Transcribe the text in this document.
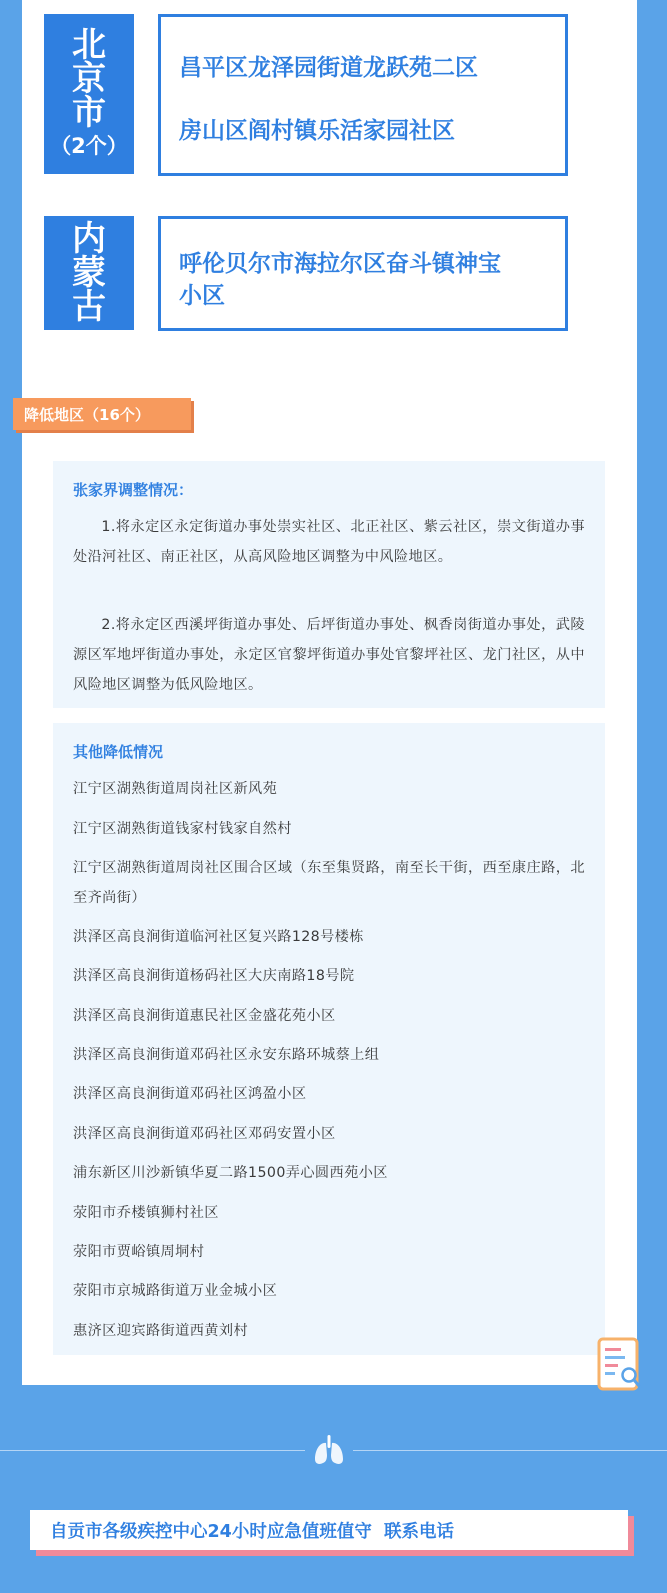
北
京
市
（2个）
昌平区龙泽园街道龙跃苑二区
房山区阎村镇乐活家园社区
内
蒙
古
呼伦贝尔市海拉尔区奋斗镇神宝
小区
降低地区（16个）
张家界调整情况：
1.将永定区永定街道办事处崇实社区、北正社区、紫云社区，崇文街道办事处沿河社区、南正社区，从高风险地区调整为中风险地区。
2.将永定区西溪坪街道办事处、后坪街道办事处、枫香岗街道办事处，武陵源区军地坪街道办事处，永定区官黎坪街道办事处官黎坪社区、龙门社区，从中风险地区调整为低风险地区。
其他降低情况
江宁区湖熟街道周岗社区新风苑
江宁区湖熟街道钱家村钱家自然村
江宁区湖熟街道周岗社区围合区域（东至集贤路，南至长干街，西至康庄路，北至齐尚街）
洪泽区高良涧街道临河社区复兴路128号楼栋
洪泽区高良涧街道杨码社区大庆南路18号院
洪泽区高良涧街道惠民社区金盛花苑小区
洪泽区高良涧街道邓码社区永安东路环城蔡上组
洪泽区高良涧街道邓码社区鸿盈小区
洪泽区高良涧街道邓码社区邓码安置小区
浦东新区川沙新镇华夏二路1500弄心圆西苑小区
荥阳市乔楼镇狮村社区
荥阳市贾峪镇周垌村
荥阳市京城路街道万业金城小区
惠济区迎宾路街道西黄刘村
自贡市各级疾控中心24小时应急值班值守  联系电话
